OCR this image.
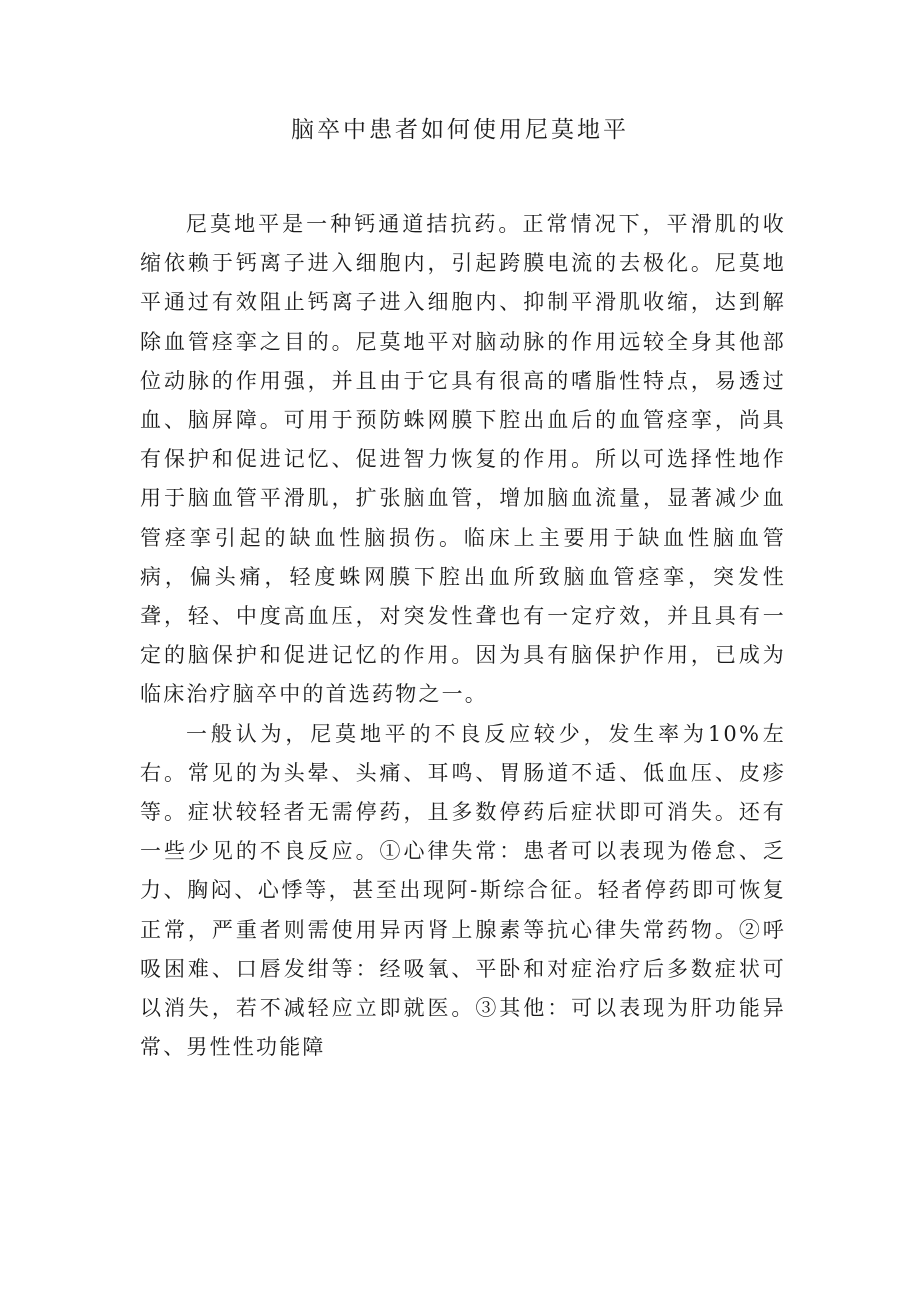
脑卒中患者如何使用尼莫地平

尼莫地平是一种钙通道拮抗药。正常情况下，平滑肌的收缩依赖于钙离子进入细胞内，引起跨膜电流的去极化。尼莫地平通过有效阻止钙离子进入细胞内、抑制平滑肌收缩，达到解除血管痉挛之目的。尼莫地平对脑动脉的作用远较全身其他部位动脉的作用强，并且由于它具有很高的嗜脂性特点，易透过血、脑屏障。可用于预防蛛网膜下腔出血后的血管痉挛，尚具有保护和促进记忆、促进智力恢复的作用。所以可选择性地作用于脑血管平滑肌，扩张脑血管，增加脑血流量，显著减少血管痉挛引起的缺血性脑损伤。临床上主要用于缺血性脑血管病，偏头痛，轻度蛛网膜下腔出血所致脑血管痉挛，突发性聋，轻、中度高血压，对突发性聋也有一定疗效，并且具有一定的脑保护和促进记忆的作用。因为具有脑保护作用，已成为临床治疗脑卒中的首选药物之一。

一般认为，尼莫地平的不良反应较少，发生率为10%左右。常见的为头晕、头痛、耳鸣、胃肠道不适、低血压、皮疹等。症状较轻者无需停药，且多数停药后症状即可消失。还有一些少见的不良反应。①心律失常：患者可以表现为倦怠、乏力、胸闷、心悸等，甚至出现阿-斯综合征。轻者停药即可恢复正常，严重者则需使用异丙肾上腺素等抗心律失常药物。②呼吸困难、口唇发绀等：经吸氧、平卧和对症治疗后多数症状可以消失，若不减轻应立即就医。③其他：可以表现为肝功能异常、男性性功能障
